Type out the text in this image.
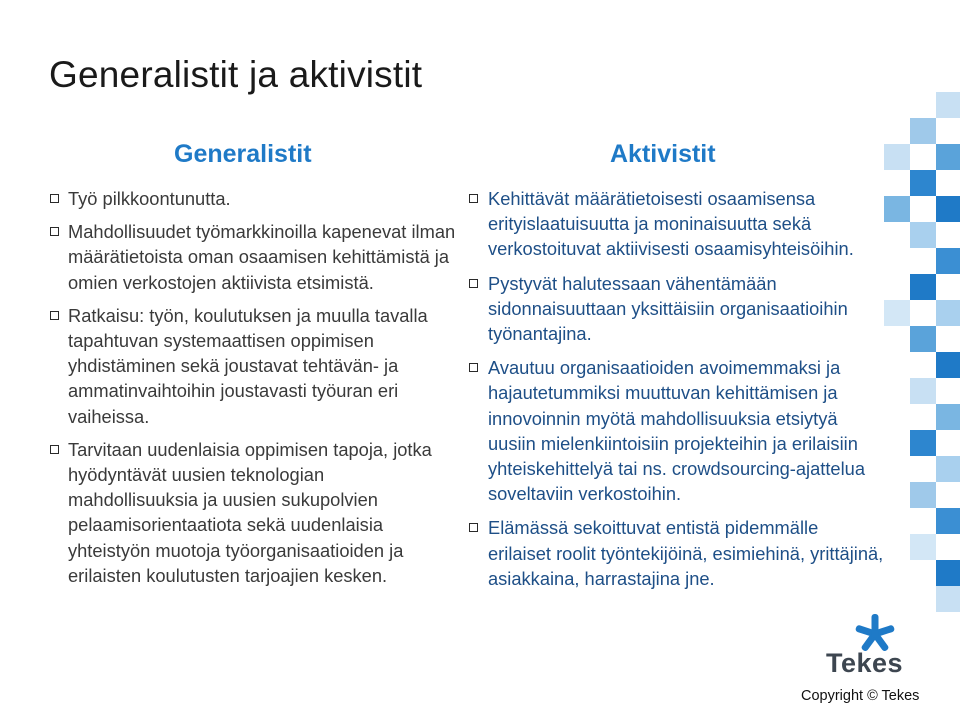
Generalistit ja aktivistit
Generalistit	Aktivistit
Työ pilkkoontunutta.
Mahdollisuudet työmarkkinoilla kapenevat ilman määrätietoista oman osaamisen kehittämistä ja omien verkostojen aktiivista etsimistä.
Ratkaisu: työn, koulutuksen ja muulla tavalla tapahtuvan systemaattisen oppimisen yhdistäminen sekä joustavat tehtävän- ja ammatinvaihtoihin joustavasti työuran eri vaiheissa.
Tarvitaan uudenlaisia oppimisen tapoja, jotka hyödyntävät uusien teknologian mahdollisuuksia ja uusien sukupolvien pelaamisorientaatiota sekä uudenlaisia yhteistyön muotoja työorganisaatioiden ja erilaisten koulutusten tarjoajien kesken.
Kehittävät määrätietoisesti osaamisensa erityislaatuisuutta ja moninaisuutta sekä verkostoituvat aktiivisesti osaamisyhteisöihin.
Pystyvät halutessaan vähentämään sidonnaisuuttaan yksittäisiin organisaatioihin työnantajina.
Avautuu organisaatioiden avoimemmaksi ja hajautetummiksi muuttuvan kehittämisen ja innovoinnin myötä mahdollisuuksia etsiytyä uusiin mielenkiintoisiin projekteihin ja erilaisiin yhteiskehittelyä tai ns. crowdsourcing-ajattelua soveltaviin verkostoihin.
Elämässä sekoittuvat entistä pidemmälle erilaiset roolit työntekijöinä, esimiehinä, yrittäjinä, asiakkaina, harrastajina jne.
Tekes
Copyright © Tekes
